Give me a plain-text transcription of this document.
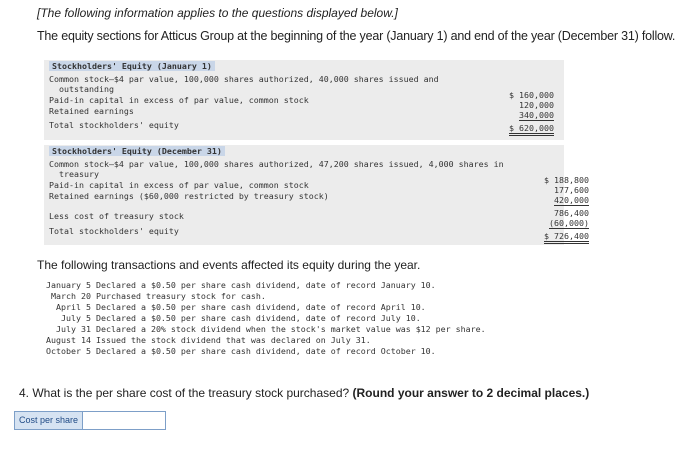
[The following information applies to the questions displayed below.]
The equity sections for Atticus Group at the beginning of the year (January 1) and end of the year (December 31) follow.
Stockholders' Equity (January 1)
Common stock—$4 par value, 100,000 shares authorized, 40,000 shares issued and
outstanding
Paid-in capital in excess of par value, common stock
Retained earnings
Total stockholders' equity
$ 160,000
120,000
340,000
$ 620,000
Stockholders' Equity (December 31)
Common stock—$4 par value, 100,000 shares authorized, 47,200 shares issued, 4,000 shares in
treasury
Paid-in capital in excess of par value, common stock
Retained earnings ($60,000 restricted by treasury stock)
Less cost of treasury stock
Total stockholders' equity
$ 188,800
177,600
420,000
786,400
(60,000)
$ 726,400
The following transactions and events affected its equity during the year.
January 5 Declared a $0.50 per share cash dividend, date of record January 10.
March 20 Purchased treasury stock for cash.
April 5 Declared a $0.50 per share cash dividend, date of record April 10.
July 5 Declared a $0.50 per share cash dividend, date of record July 10.
July 31 Declared a 20% stock dividend when the stock's market value was $12 per share.
August 14 Issued the stock dividend that was declared on July 31.
October 5 Declared a $0.50 per share cash dividend, date of record October 10.
4. What is the per share cost of the treasury stock purchased? (Round your answer to 2 decimal places.)
Cost per share
